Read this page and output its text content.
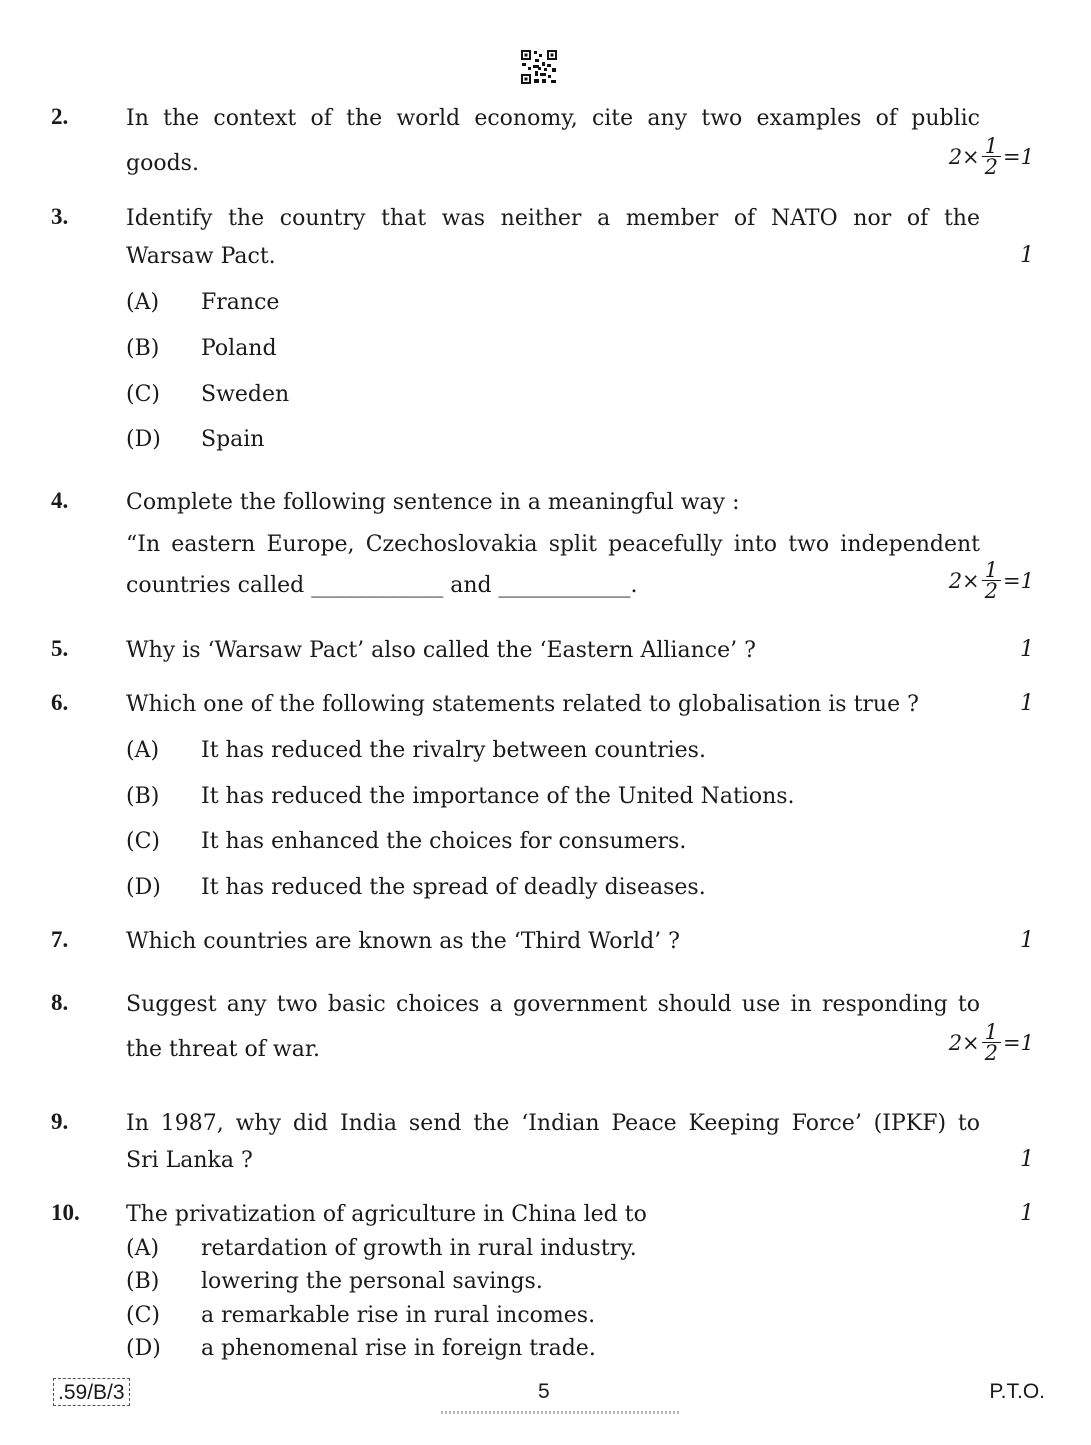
2.	In the context of the world economy, cite any two examples of public
goods.	$2\times \frac{1}{2} =1$
3.	Identify the country that was neither a member of NATO nor of the
Warsaw Pact.	1
(A) France
(B) Poland
(C) Sweden
(D) Spain
4.	Complete the following sentence in a meaningful way :
“In eastern Europe, Czechoslovakia split peacefully into two independent
countries called ____________ and ____________.	$2\times \frac{1}{2} =1$
5.	Why is ‘Warsaw Pact’ also called the ‘Eastern Alliance’ ?	1
6.	Which one of the following statements related to globalisation is true ?	1
(A) It has reduced the rivalry between countries.
(B) It has reduced the importance of the United Nations.
(C) It has enhanced the choices for consumers.
(D) It has reduced the spread of deadly diseases.
7.	Which countries are known as the ‘Third World’ ?	1
8.	Suggest any two basic choices a government should use in responding to
the threat of war.	$2\times \frac{1}{2} =1$
9.	In 1987, why did India send the ‘Indian Peace Keeping Force’ (IPKF) to
Sri Lanka ?	1
10. The privatization of agriculture in China led to	1
(A) retardation of growth in rural industry.
(B) lowering the personal savings.
(C) a remarkable rise in rural incomes.
(D) a phenomenal rise in foreign trade.
.59/B/3	5	P.T.O.
